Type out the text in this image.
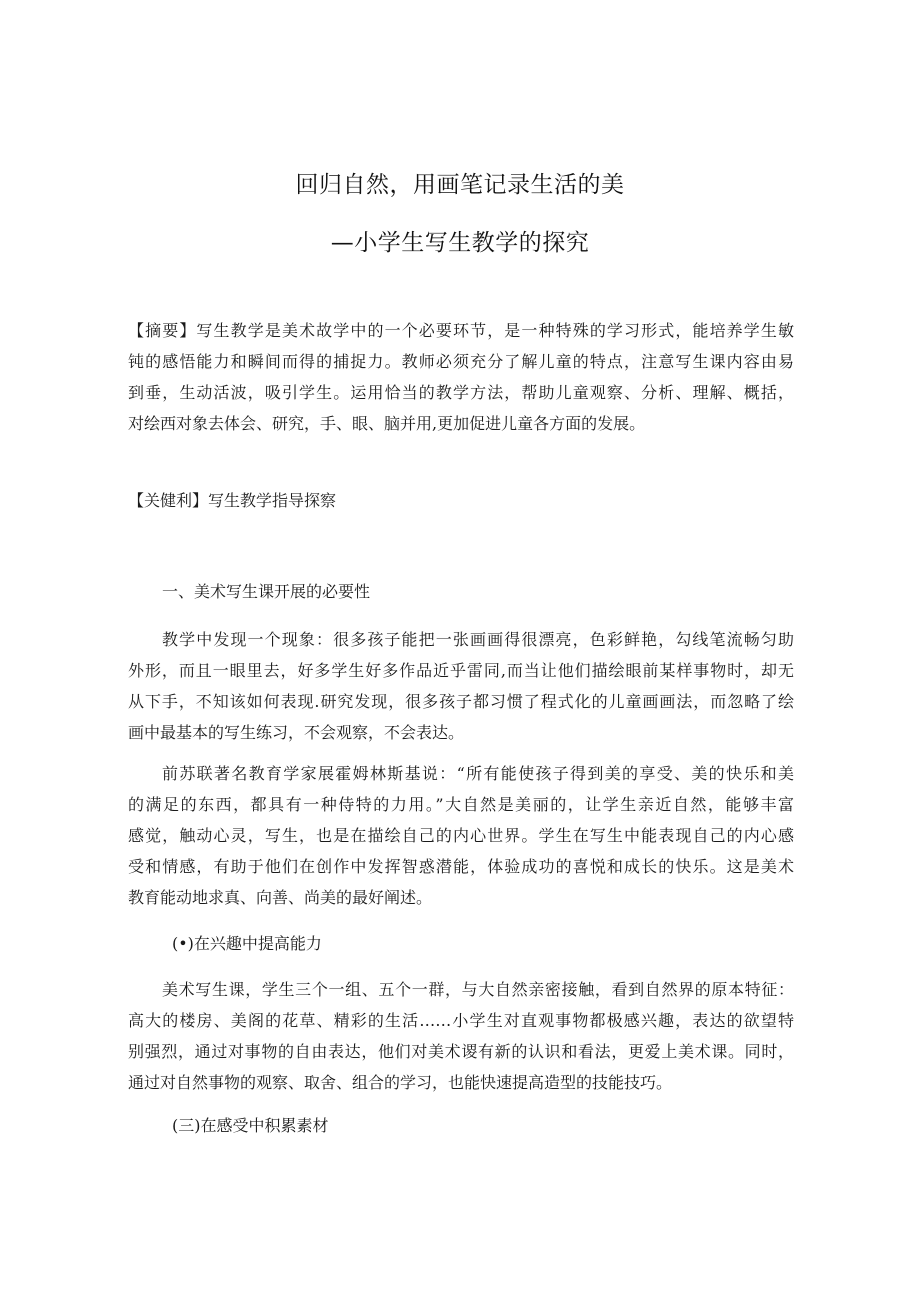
回归自然，用画笔记录生活的美
—小学生写生教学的探究
【摘要】写生教学是美术故学中的一个必要环节，是一种特殊的学习形式，能培养学生敏
钝的感悟能力和瞬间而得的捕捉力。教师必须充分了解儿童的特点，注意写生课内容由易
到垂，生动活波，吸引学生。运用恰当的教学方法，帮助儿童观察、分析、理解、概括，
对绘西对象去体会、研究，手、眼、脑并用,更加促进儿童各方面的发展。
【关健利】写生教学指导探察
一、美术写生课开展的必要性
教学中发现一个现象：很多孩子能把一张画画得很漂亮，色彩鲜艳，勾线笔流畅匀助
外形，而且一眼里去，好多学生好多作品近乎雷同,而当让他们描绘眼前某样事物时，却无
从下手，不知该如何表现.研究发现，很多孩子都习惯了程式化的儿童画画法，而忽略了绘
画中最基本的写生练习，不会观察，不会表达。
前苏联著名教育学家展霍姆林斯基说：“所有能使孩子得到美的享受、美的快乐和美
的满足的东西，都具有一种侍特的力用。”大自然是美丽的，让学生亲近自然，能够丰富
感觉，触动心灵，写生，也是在描绘自己的内心世界。学生在写生中能表现自己的内心感
受和情感，有助于他们在创作中发挥智惑潜能，体验成功的喜悦和成长的快乐。这是美术
教育能动地求真、向善、尚美的最好阐述。
(•)在兴趣中提高能力
美术写生课，学生三个一组、五个一群，与大自然亲密接触，看到自然界的原本特征：
高大的楼房、美阁的花草、精彩的生活……小学生对直观事物都极感兴趣，表达的欲望特
别强烈，通过对事物的自由表达，他们对美术谡有新的认识和看法，更爱上美术课。同时，
通过对自然事物的观察、取舍、组合的学习，也能快速提高造型的技能技巧。
(三)在感受中积累素材
